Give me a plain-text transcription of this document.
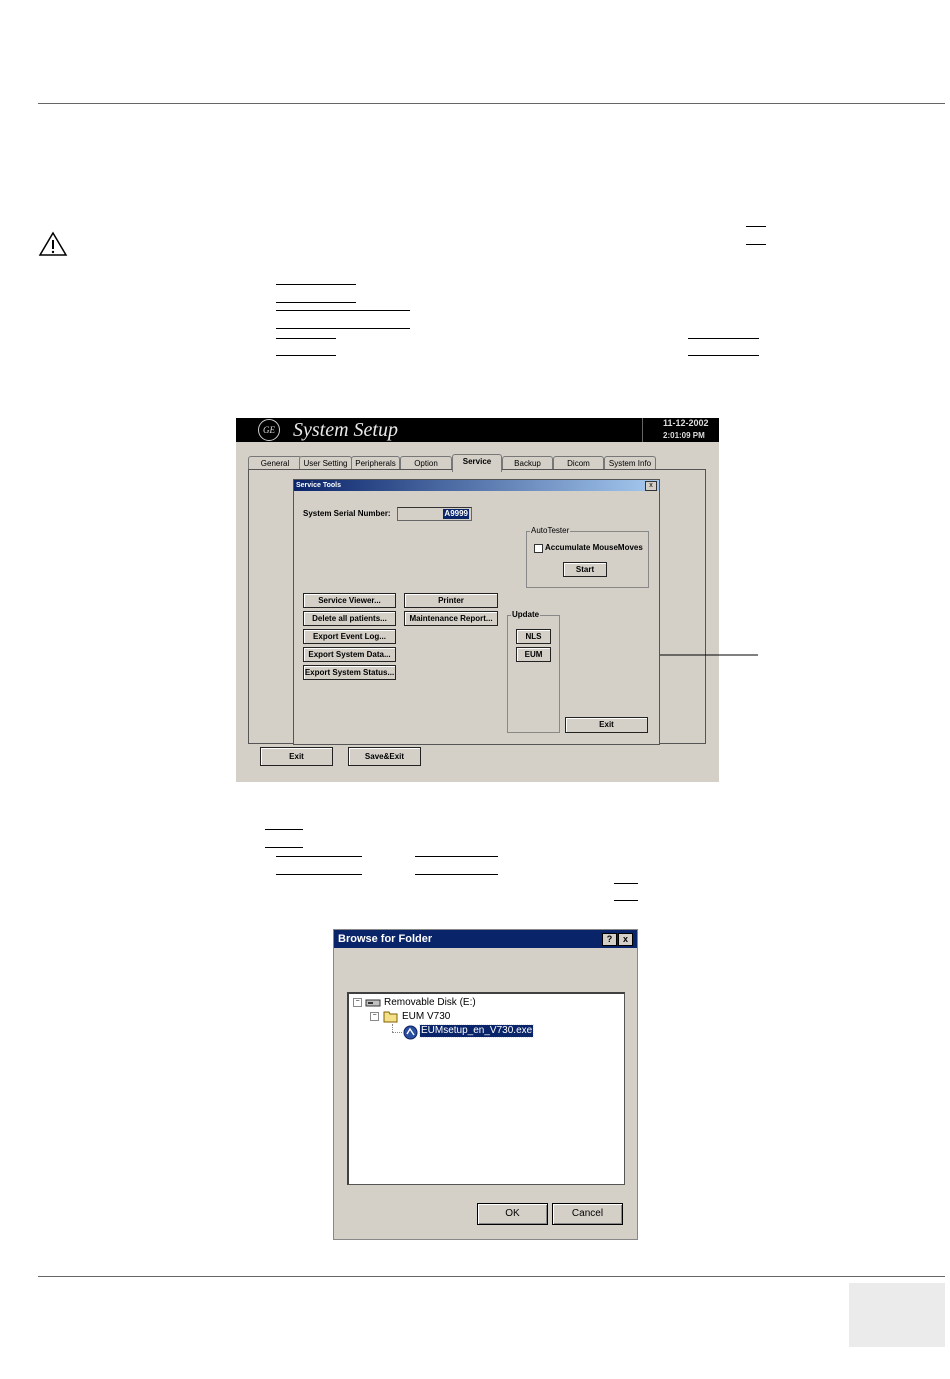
GE System Setup	11-12-2002
2:01:09 PM
General	User Setting Peripherals	Option	Service	Backup	Dicom	System Info
Service Tools	x
System Serial Number:	A9999
AutoTester
Accumulate MouseMoves
Start
Service Viewer...
Delete all patients...
Export Event Log...
Export System Data...
Export System Status...
Printer
Maintenance Report...	Update
NLS
EUM
Exit
Exit	Save&Exit
Browse for Folder	?	x
− Removable Disk (E:)
−	EUM V730
EUMsetup_en_V730.exe
OK	Cancel
